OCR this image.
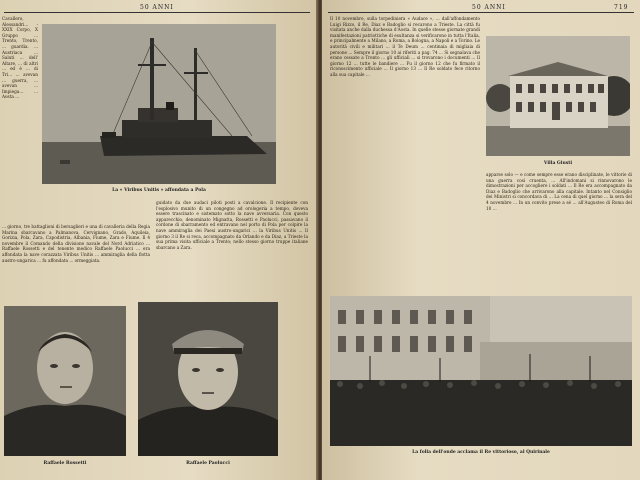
50 ANNI
Cavallero, Alessandri... - XXIX Corpo, X Gruppo ... Trento, Trento, ... guardia. ... Austriaca ... Saluti ... dell' Altare, ... di altri ... ed è ... di Tri... ... avevan ... guerra, ... avevan ... Impiega... ... Aosta ...
La « Viribus Unitis » affondata a Pola
... giorno, tre battaglioni di bersaglieri e una di cavalleria della Regia Marina sbarcavano a Palmanova, Cervignano, Grado, Aquileia, Gorizia, Pola, Zara, Capodistria, Albania, Fiume, Zara e Fiume. Il 4 novembre il Comando della divisione navale del Nord Adriatico ... Raffaele Rossetti e del tenente medico Raffaele Paolucci ... era affondata la nave corazzata Viribus Unitis ... ammiraglia della flotta austro-ungarica ... fu affondata ... ormeggiata.
guidato da due audaci piloti posti a cavalcione. Il recipiente con l'esplosivo munito di un congegno ad orologeria a tempo, doveva essere trascinato e sistemato sotto la nave avversaria. Con questo apparecchio, denominato Mignatta, Rossetti e Paolucci, passavano il cordone di sbarramento ed entravano nel porto di Pola per colpire la nave ammiraglia dei Paesi austro-ungarici ... la Viribus Unitis ... Il giorno 3 il Re si reca, accompagnato da Orlando e da Diaz, a Trieste la sua prima visita ufficiale a Trento; nello stesso giorno truppe italiane sbarcano a Zara.
Raffaele Rossetti	Raffaele Paolucci
50 ANNI	719
Il 10 novembre, sulla torpediniera « Audace », ... dall'affondamento Luigi Rizzo, il Re, Diaz e Badoglio si recarono a Trieste. La città fu visitata anche dalla duchessa d'Aosta. In quelle stesse giornate grandi manifestazioni patriottiche di esultanza si verificarono in tutta l'Italia, e principalmente a Milano, a Roma, a Bologna, a Napoli e a Torino. Le autorità civili e militari ... il Te Deum ... centinaia di migliaia di persone ... Sempre il giorno 10 ai riferiti a pag. 74 ... Si segnalava che erano cessate a Trento ... gli ufficiali ... si trovarono i documenti ... Il giorno 12 ... tutte le bandiere ... Fu il giorno 12 che fu firmato il riconoscimento ufficiale ... Il giorno 13 ... Il Re soldato fece ritorno alla sua capitale ...
Villa Giusti
apparse solo — e come sempre esse erano disciplinate, le vittorie di una guerra così cruenta, ... All'indomani si rinnovarono le dimostrazioni per accogliere i soldati ... Il Re era accompagnato da Diaz e Badoglio che arrivarono alla capitale. Intanto nel Consiglio dei Ministri si concordava di ... La cena di quel giorno ... la sera del 4 novembre ... In un convito prese a sé ... all'Augusteo di Roma del 10 ...
La folla dell'onde acclama il Re vittorioso, al Quirinale
